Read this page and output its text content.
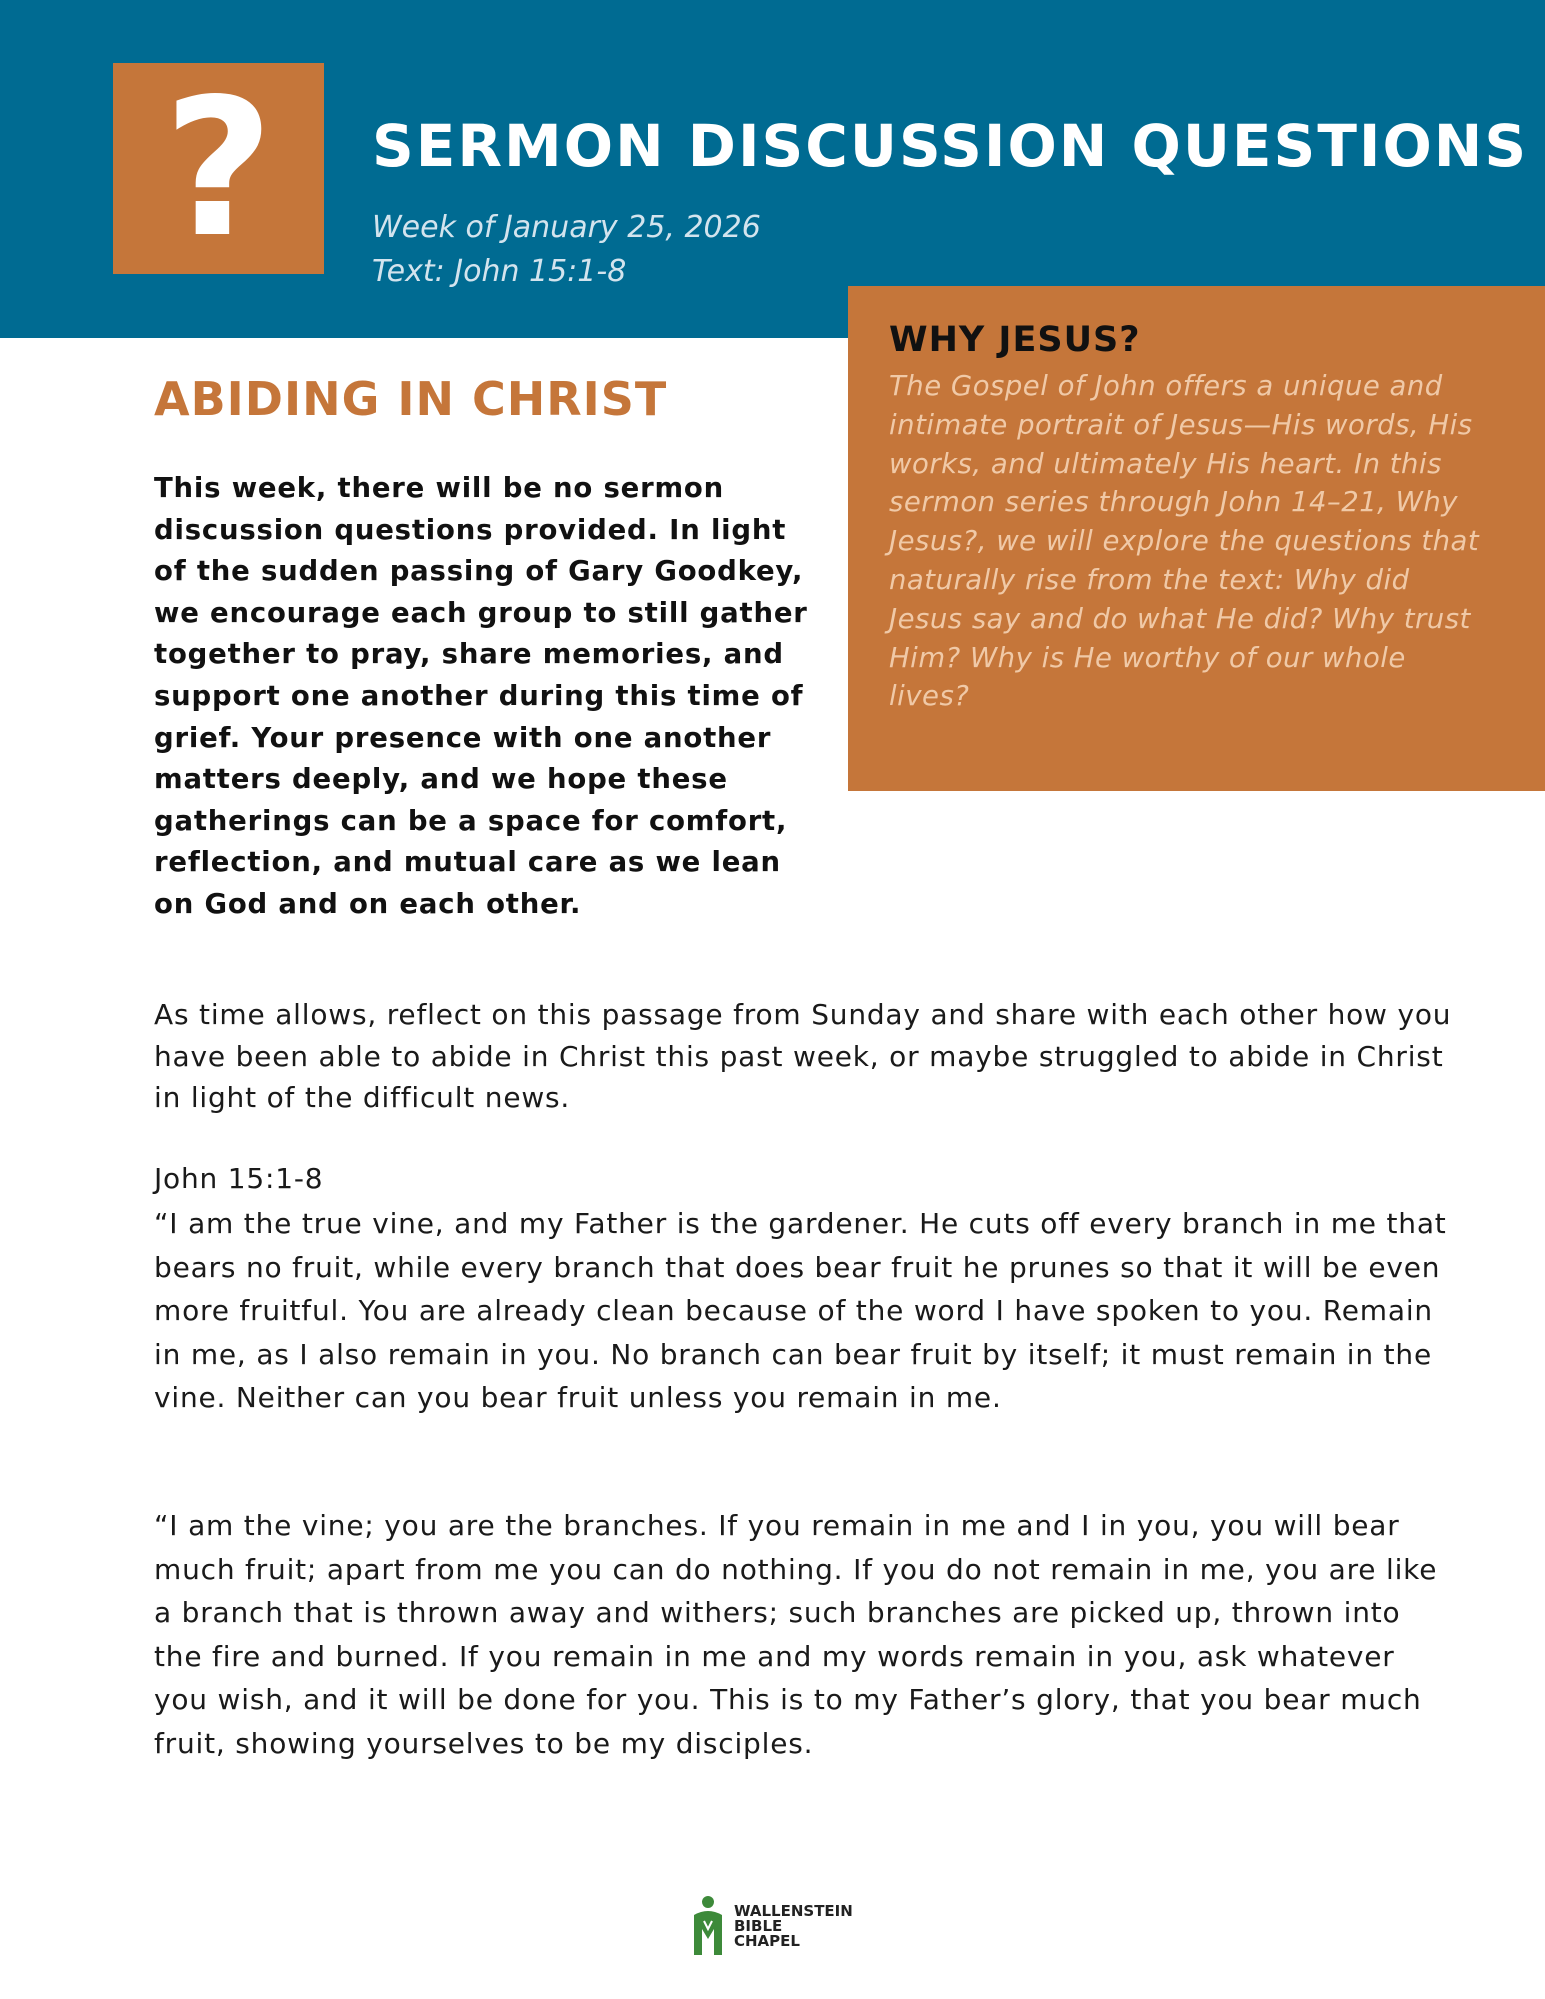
? SERMON DISCUSSION QUESTIONS

Week of January 25, 2026

Text: John 15:1-8

WHY JESUS?

The Gospel of John offers a unique and intimate portrait of Jesus—His words, His works, and ultimately His heart. In this sermon series through John 14–21, Why Jesus?, we will explore the questions that naturally rise from the text: Why did Jesus say and do what He did? Why trust Him? Why is He worthy of our whole lives?

ABIDING IN CHRIST

This week, there will be no sermon discussion questions provided. In light of the sudden passing of Gary Goodkey, we encourage each group to still gather together to pray, share memories, and support one another during this time of grief. Your presence with one another matters deeply, and we hope these gatherings can be a space for comfort, reflection, and mutual care as we lean on God and on each other.

As time allows, reflect on this passage from Sunday and share with each other how you have been able to abide in Christ this past week, or maybe struggled to abide in Christ in light of the difficult news.

John 15:1-8

“I am the true vine, and my Father is the gardener. He cuts off every branch in me that bears no fruit, while every branch that does bear fruit he prunes so that it will be even more fruitful. You are already clean because of the word I have spoken to you. Remain in me, as I also remain in you. No branch can bear fruit by itself; it must remain in the vine. Neither can you bear fruit unless you remain in me.

“I am the vine; you are the branches. If you remain in me and I in you, you will bear much fruit; apart from me you can do nothing. If you do not remain in me, you are like a branch that is thrown away and withers; such branches are picked up, thrown into the fire and burned. If you remain in me and my words remain in you, ask whatever you wish, and it will be done for you. This is to my Father’s glory, that you bear much fruit, showing yourselves to be my disciples.

WALLENSTEIN
BIBLE
CHAPEL
